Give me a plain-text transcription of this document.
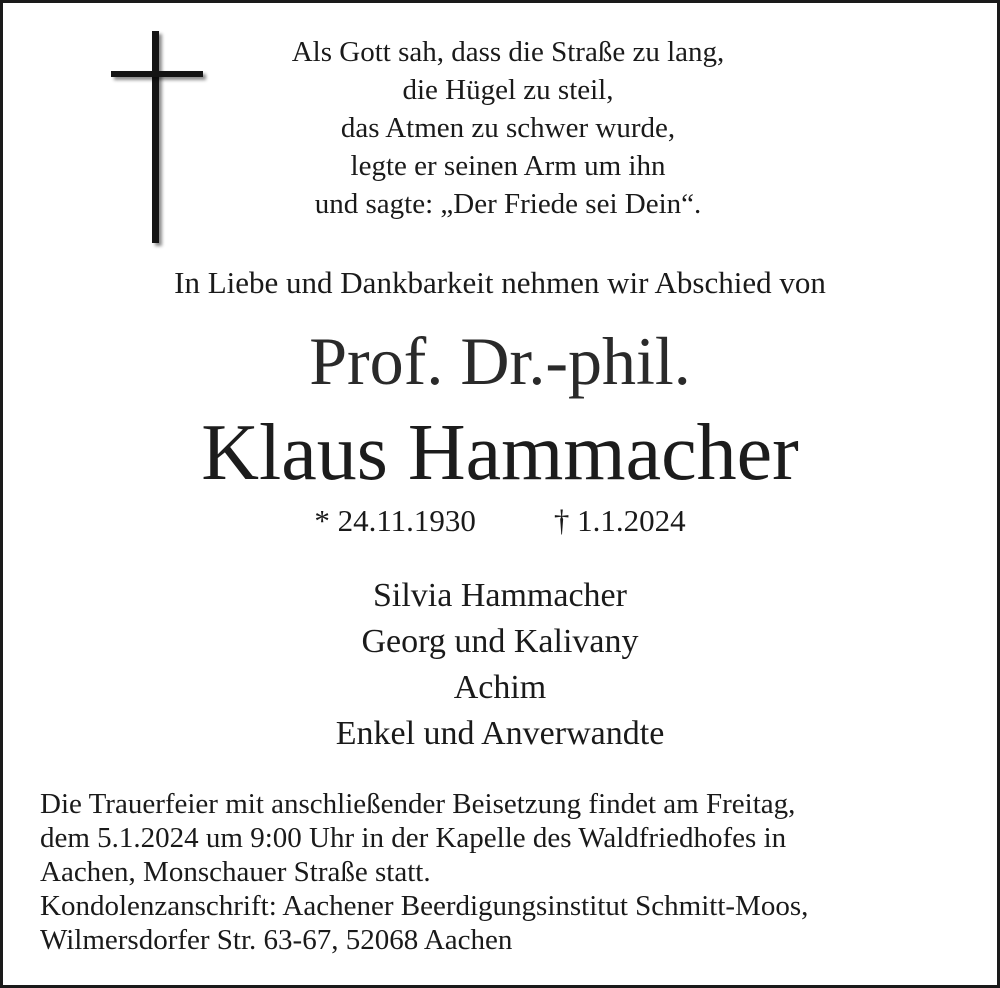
Als Gott sah, dass die Straße zu lang,
die Hügel zu steil,
das Atmen zu schwer wurde,
legte er seinen Arm um ihn
und sagte: „Der Friede sei Dein“.
In Liebe und Dankbarkeit nehmen wir Abschied von
Prof. Dr.-phil.
Klaus Hammacher
* 24.11.1930	† 1.1.2024
Silvia Hammacher
Georg und Kalivany
Achim
Enkel und Anverwandte
Die Trauerfeier mit anschließender Beisetzung findet am Freitag,
dem 5.1.2024 um 9:00 Uhr in der Kapelle des Waldfriedhofes in
Aachen, Monschauer Straße statt.
Kondolenzanschrift: Aachener Beerdigungsinstitut Schmitt-Moos,
Wilmersdorfer Str. 63-67, 52068 Aachen
